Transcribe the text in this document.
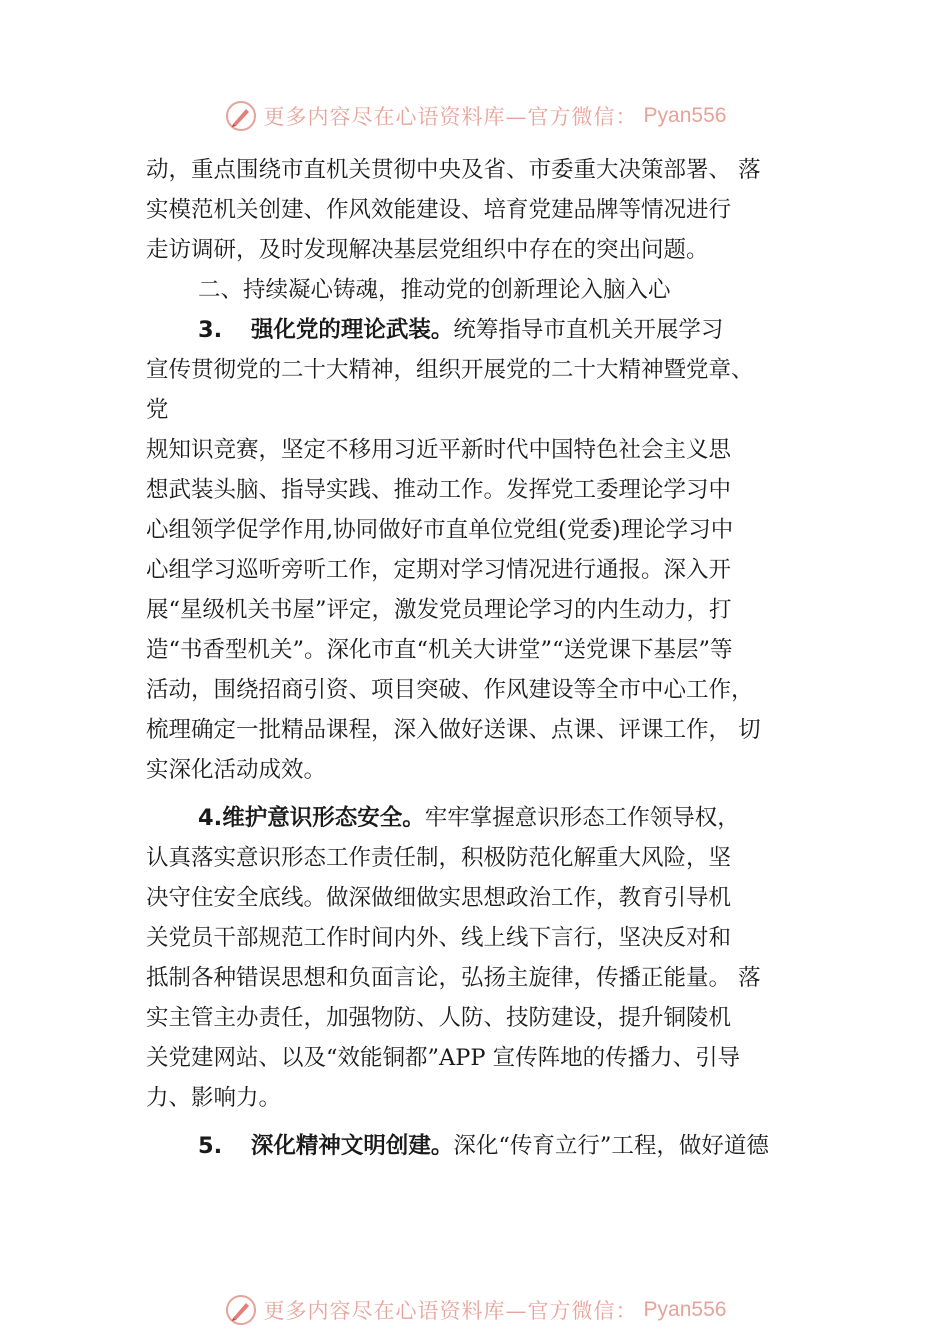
更多内容尽在心语资料库—官方微信： Pyan556
动，重点围绕市直机关贯彻中央及省、市委重大决策部署、 落
实模范机关创建、作风效能建设、培育党建品牌等情况进行
走访调研，及时发现解决基层党组织中存在的突出问题。
二、持续凝心铸魂，推动党的创新理论入脑入心
3. 强化党的理论武装。统筹指导市直机关开展学习
宣传贯彻党的二十大精神，组织开展党的二十大精神暨党章、
党
规知识竞赛，坚定不移用习近平新时代中国特色社会主义思
想武装头脑、指导实践、推动工作。发挥党工委理论学习中
心组领学促学作用,协同做好市直单位党组(党委)理论学习中
心组学习巡听旁听工作，定期对学习情况进行通报。深入开
展“星级机关书屋”评定，激发党员理论学习的内生动力，打
造“书香型机关”。深化市直“机关大讲堂”“送党课下基层”等
活动，围绕招商引资、项目突破、作风建设等全市中心工作，
梳理确定一批精品课程，深入做好送课、点课、评课工作， 切
实深化活动成效。
4.维护意识形态安全。牢牢掌握意识形态工作领导权，
认真落实意识形态工作责任制，积极防范化解重大风险，坚
决守住安全底线。做深做细做实思想政治工作，教育引导机
关党员干部规范工作时间内外、线上线下言行，坚决反对和
抵制各种错误思想和负面言论，弘扬主旋律，传播正能量。 落
实主管主办责任，加强物防、人防、技防建设，提升铜陵机
关党建网站、以及“效能铜都”APP 宣传阵地的传播力、引导
力、影响力。
5. 深化精神文明创建。深化“传育立行”工程，做好道德
更多内容尽在心语资料库—官方微信： Pyan556
